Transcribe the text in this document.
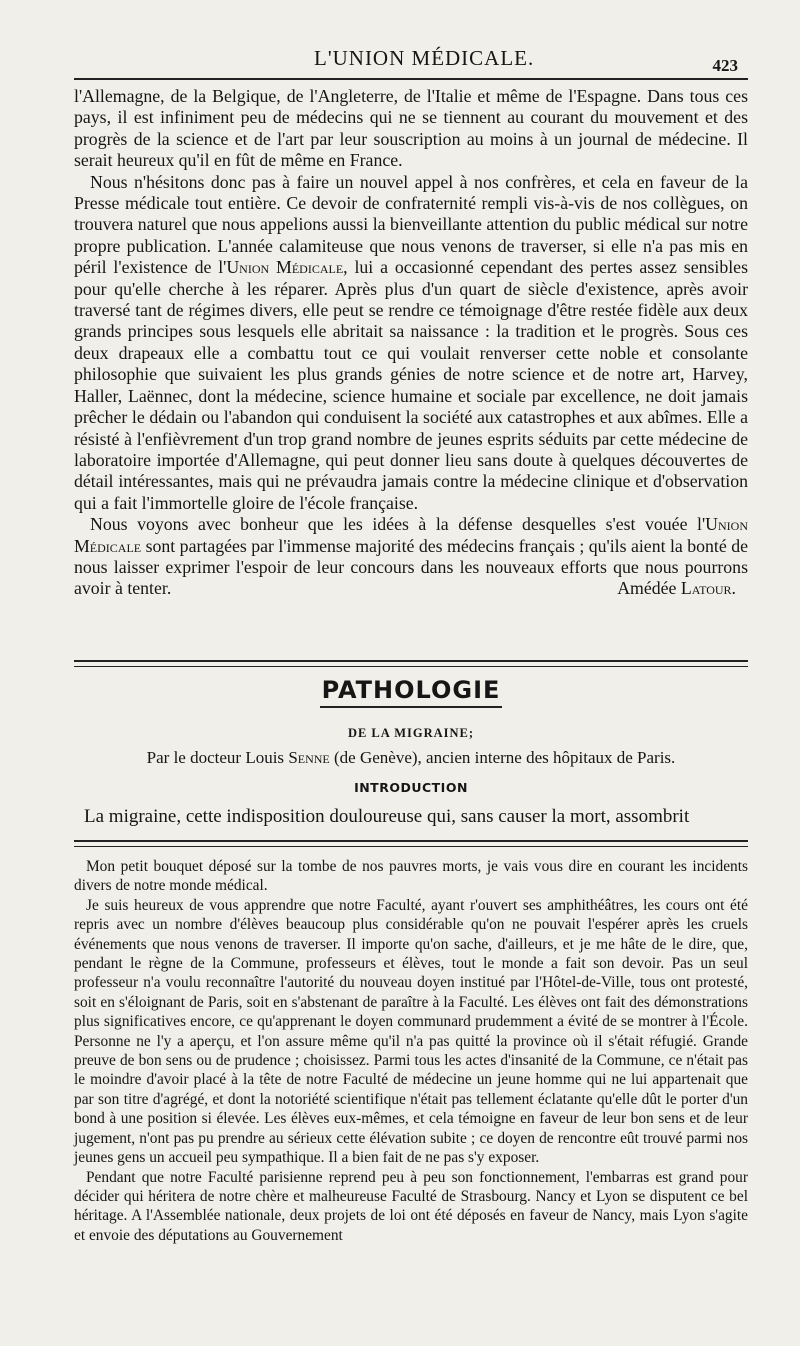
L'UNION MÉDICALE.	423

l'Allemagne, de la Belgique, de l'Angleterre, de l'Italie et même de l'Espagne. Dans tous ces pays, il est infiniment peu de médecins qui ne se tiennent au courant du mouvement et des progrès de la science et de l'art par leur souscription au moins à un journal de médecine. Il serait heureux qu'il en fût de même en France.

Nous n'hésitons donc pas à faire un nouvel appel à nos confrères, et cela en faveur de la Presse médicale tout entière. Ce devoir de confraternité rempli vis-à-vis de nos collègues, on trouvera naturel que nous appelions aussi la bienveillante attention du public médical sur notre propre publication. L'année calamiteuse que nous venons de traverser, si elle n'a pas mis en péril l'existence de l'Union Médicale, lui a occasionné cependant des pertes assez sensibles pour qu'elle cherche à les réparer. Après plus d'un quart de siècle d'existence, après avoir traversé tant de régimes divers, elle peut se rendre ce témoignage d'être restée fidèle aux deux grands principes sous lesquels elle abritait sa naissance : la tradition et le progrès. Sous ces deux drapeaux elle a combattu tout ce qui voulait renverser cette noble et consolante philosophie que suivaient les plus grands génies de notre science et de notre art, Harvey, Haller, Laënnec, dont la médecine, science humaine et sociale par excellence, ne doit jamais prêcher le dédain ou l'abandon qui conduisent la société aux catastrophes et aux abîmes. Elle a résisté à l'enfièvrement d'un trop grand nombre de jeunes esprits séduits par cette médecine de laboratoire importée d'Allemagne, qui peut donner lieu sans doute à quelques découvertes de détail intéressantes, mais qui ne prévaudra jamais contre la médecine clinique et d'observation qui a fait l'immortelle gloire de l'école française.

Nous voyons avec bonheur que les idées à la défense desquelles s'est vouée l'Union Médicale sont partagées par l'immense majorité des médecins français ; qu'ils aient la bonté de nous laisser exprimer l'espoir de leur concours dans les nouveaux efforts que nous pourrons avoir à tenter.	Amédée Latour.

PATHOLOGIE
DE LA MIGRAINE;
Par le docteur Louis Senne (de Genève), ancien interne des hôpitaux de Paris.
INTRODUCTION
La migraine, cette indisposition douloureuse qui, sans causer la mort, assombrit

Mon petit bouquet déposé sur la tombe de nos pauvres morts, je vais vous dire en courant les incidents divers de notre monde médical.

Je suis heureux de vous apprendre que notre Faculté, ayant r'ouvert ses amphithéâtres, les cours ont été repris avec un nombre d'élèves beaucoup plus considérable qu'on ne pouvait l'espérer après les cruels événements que nous venons de traverser. Il importe qu'on sache, d'ailleurs, et je me hâte de le dire, que, pendant le règne de la Commune, professeurs et élèves, tout le monde a fait son devoir. Pas un seul professeur n'a voulu reconnaître l'autorité du nouveau doyen institué par l'Hôtel-de-Ville, tous ont protesté, soit en s'éloignant de Paris, soit en s'abstenant de paraître à la Faculté. Les élèves ont fait des démonstrations plus significatives encore, ce qu'apprenant le doyen communard prudemment a évité de se montrer à l'École. Personne ne l'y a aperçu, et l'on assure même qu'il n'a pas quitté la province où il s'était réfugié. Grande preuve de bon sens ou de prudence ; choisissez. Parmi tous les actes d'insanité de la Commune, ce n'était pas le moindre d'avoir placé à la tête de notre Faculté de médecine un jeune homme qui ne lui appartenait que par son titre d'agrégé, et dont la notoriété scientifique n'était pas tellement éclatante qu'elle dût le porter d'un bond à une position si élevée. Les élèves eux-mêmes, et cela témoigne en faveur de leur bon sens et de leur jugement, n'ont pas pu prendre au sérieux cette élévation subite ; ce doyen de rencontre eût trouvé parmi nos jeunes gens un accueil peu sympathique. Il a bien fait de ne pas s'y exposer.

Pendant que notre Faculté parisienne reprend peu à peu son fonctionnement, l'embarras est grand pour décider qui héritera de notre chère et malheureuse Faculté de Strasbourg. Nancy et Lyon se disputent ce bel héritage. A l'Assemblée nationale, deux projets de loi ont été déposés en faveur de Nancy, mais Lyon s'agite et envoie des députations au Gouvernement
